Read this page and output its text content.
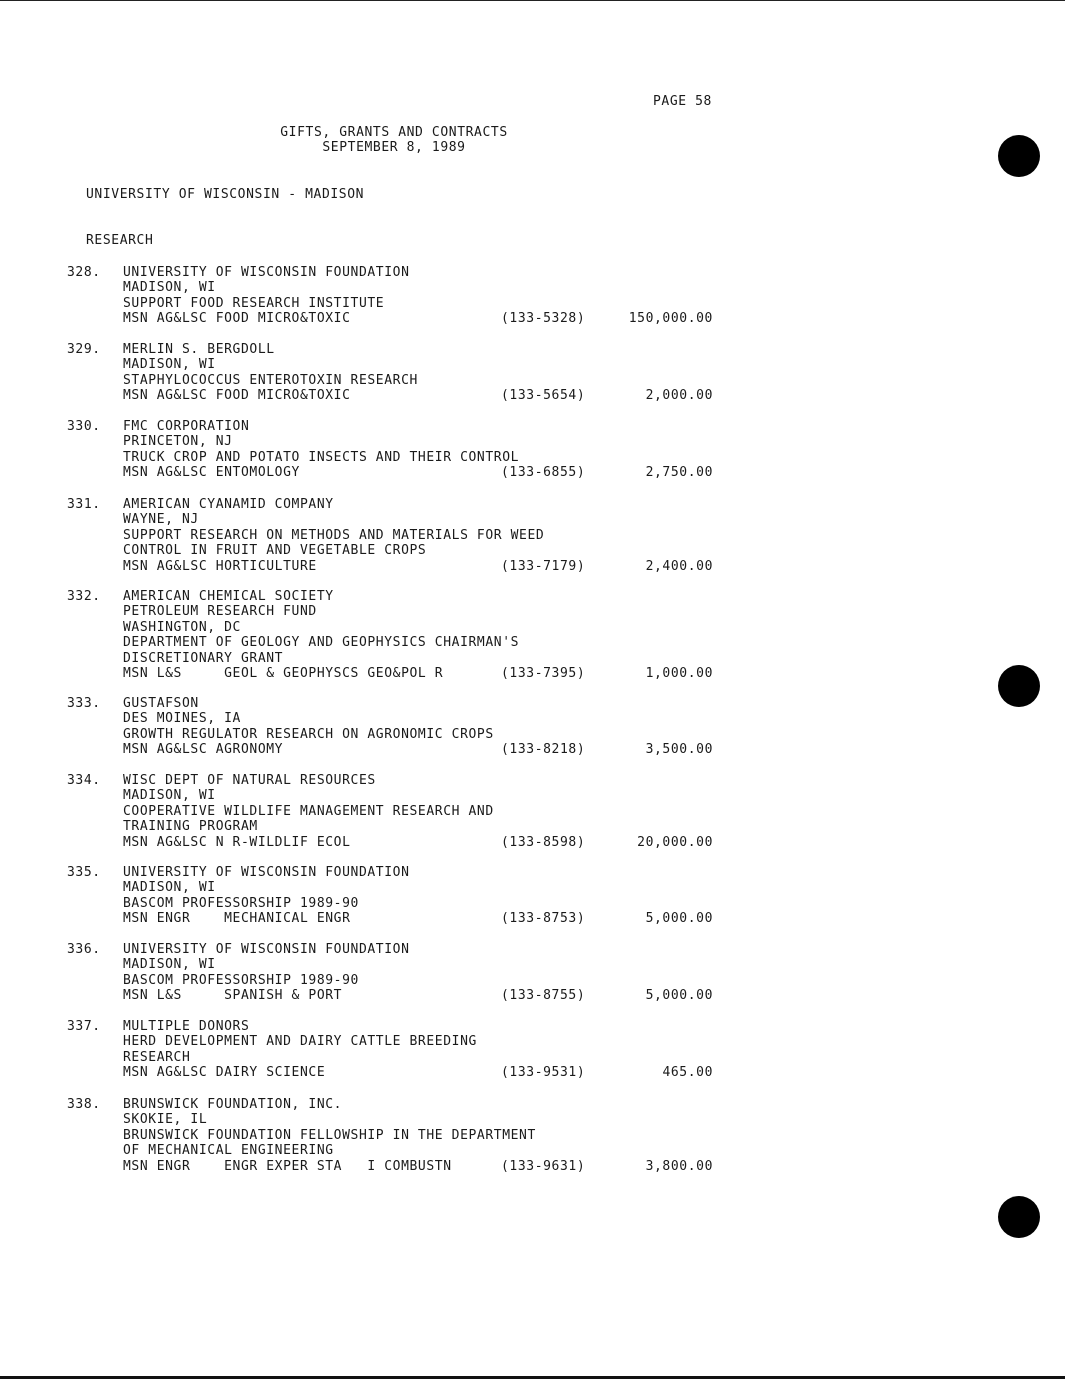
PAGE 58
GIFTS, GRANTS AND CONTRACTS
SEPTEMBER 8, 1989
UNIVERSITY OF WISCONSIN - MADISON
RESEARCH
328. UNIVERSITY OF WISCONSIN FOUNDATION
MADISON, WI
SUPPORT FOOD RESEARCH INSTITUTE
MSN AG&LSC FOOD MICRO&TOXIC	(133-5328)	150,000.00
329. MERLIN S. BERGDOLL
MADISON, WI
STAPHYLOCOCCUS ENTEROTOXIN RESEARCH
MSN AG&LSC FOOD MICRO&TOXIC	(133-5654)	2,000.00
330. FMC CORPORATION
PRINCETON, NJ
TRUCK CROP AND POTATO INSECTS AND THEIR CONTROL
MSN AG&LSC ENTOMOLOGY	(133-6855)	2,750.00
331. AMERICAN CYANAMID COMPANY
WAYNE, NJ
SUPPORT RESEARCH ON METHODS AND MATERIALS FOR WEED
CONTROL IN FRUIT AND VEGETABLE CROPS
MSN AG&LSC HORTICULTURE	(133-7179)	2,400.00
332. AMERICAN CHEMICAL SOCIETY
PETROLEUM RESEARCH FUND
WASHINGTON, DC
DEPARTMENT OF GEOLOGY AND GEOPHYSICS CHAIRMAN'S
DISCRETIONARY GRANT
MSN L&S     GEOL & GEOPHYSCS GEO&POL R	(133-7395)	1,000.00
333. GUSTAFSON
DES MOINES, IA
GROWTH REGULATOR RESEARCH ON AGRONOMIC CROPS
MSN AG&LSC AGRONOMY	(133-8218)	3,500.00
334. WISC DEPT OF NATURAL RESOURCES
MADISON, WI
COOPERATIVE WILDLIFE MANAGEMENT RESEARCH AND
TRAINING PROGRAM
MSN AG&LSC N R-WILDLIF ECOL	(133-8598)	20,000.00
335. UNIVERSITY OF WISCONSIN FOUNDATION
MADISON, WI
BASCOM PROFESSORSHIP 1989-90
MSN ENGR    MECHANICAL ENGR	(133-8753)	5,000.00
336. UNIVERSITY OF WISCONSIN FOUNDATION
MADISON, WI
BASCOM PROFESSORSHIP 1989-90
MSN L&S     SPANISH & PORT	(133-8755)	5,000.00
337. MULTIPLE DONORS
HERD DEVELOPMENT AND DAIRY CATTLE BREEDING
RESEARCH
MSN AG&LSC DAIRY SCIENCE	(133-9531)	465.00
338. BRUNSWICK FOUNDATION, INC.
SKOKIE, IL
BRUNSWICK FOUNDATION FELLOWSHIP IN THE DEPARTMENT
OF MECHANICAL ENGINEERING
MSN ENGR    ENGR EXPER STA   I COMBUSTN	(133-9631)	3,800.00
